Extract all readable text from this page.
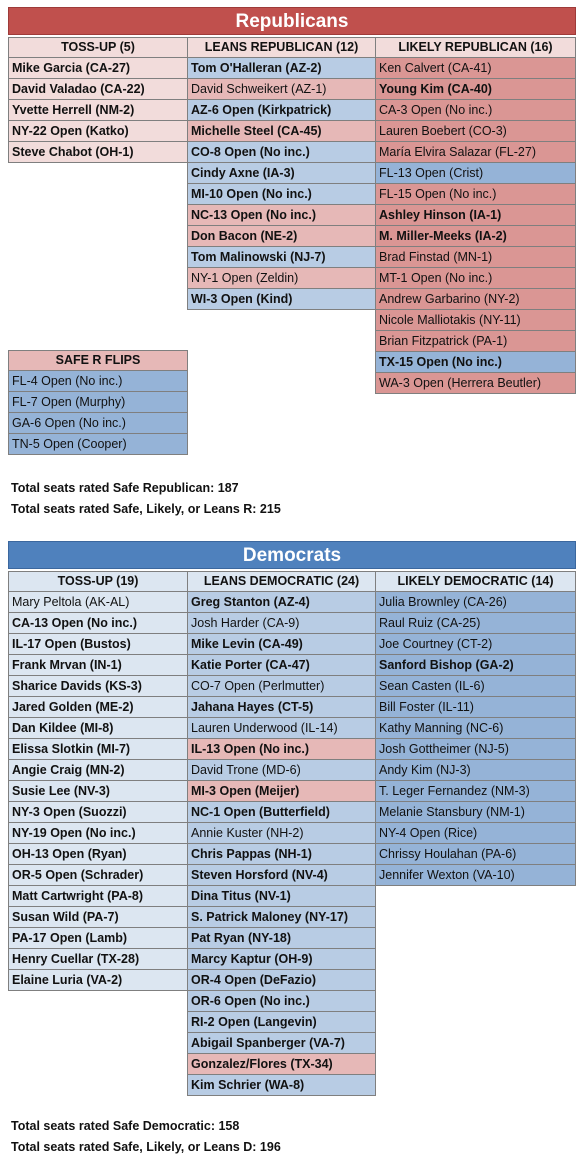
Republicans
TOSS-UP (5)
Mike Garcia (CA-27)
David Valadao (CA-22)
Yvette Herrell (NM-2)
NY-22 Open (Katko)
Steve Chabot (OH-1)
LEANS REPUBLICAN (12)
Tom O'Halleran (AZ-2)
David Schweikert (AZ-1)
AZ-6 Open (Kirkpatrick)
Michelle Steel (CA-45)
CO-8 Open (No inc.)
Cindy Axne (IA-3)
MI-10 Open (No inc.)
NC-13 Open (No inc.)
Don Bacon (NE-2)
Tom Malinowski (NJ-7)
NY-1 Open (Zeldin)
WI-3 Open (Kind)
LIKELY REPUBLICAN (16)
Ken Calvert (CA-41)
Young Kim (CA-40)
CA-3 Open (No inc.)
Lauren Boebert (CO-3)
María Elvira Salazar (FL-27)
FL-13 Open (Crist)
FL-15 Open (No inc.)
Ashley Hinson (IA-1)
M. Miller-Meeks (IA-2)
Brad Finstad (MN-1)
MT-1 Open (No inc.)
Andrew Garbarino (NY-2)
Nicole Malliotakis (NY-11)
Brian Fitzpatrick (PA-1)
TX-15 Open (No inc.)
WA-3 Open (Herrera Beutler)
SAFE R FLIPS
FL-4 Open (No inc.)
FL-7 Open (Murphy)
GA-6 Open (No inc.)
TN-5 Open (Cooper)
Total seats rated Safe Republican: 187
Total seats rated Safe, Likely, or Leans R: 215
Democrats
TOSS-UP (19)
Mary Peltola (AK-AL)
CA-13 Open (No inc.)
IL-17 Open (Bustos)
Frank Mrvan (IN-1)
Sharice Davids (KS-3)
Jared Golden (ME-2)
Dan Kildee (MI-8)
Elissa Slotkin (MI-7)
Angie Craig (MN-2)
Susie Lee (NV-3)
NY-3 Open (Suozzi)
NY-19 Open (No inc.)
OH-13 Open (Ryan)
OR-5 Open (Schrader)
Matt Cartwright (PA-8)
Susan Wild (PA-7)
PA-17 Open (Lamb)
Henry Cuellar (TX-28)
Elaine Luria (VA-2)
LEANS DEMOCRATIC (24)
Greg Stanton (AZ-4)
Josh Harder (CA-9)
Mike Levin (CA-49)
Katie Porter (CA-47)
CO-7 Open (Perlmutter)
Jahana Hayes (CT-5)
Lauren Underwood (IL-14)
IL-13 Open (No inc.)
David Trone (MD-6)
MI-3 Open (Meijer)
NC-1 Open (Butterfield)
Annie Kuster (NH-2)
Chris Pappas (NH-1)
Steven Horsford (NV-4)
Dina Titus (NV-1)
S. Patrick Maloney (NY-17)
Pat Ryan (NY-18)
Marcy Kaptur (OH-9)
OR-4 Open (DeFazio)
OR-6 Open (No inc.)
RI-2 Open (Langevin)
Abigail Spanberger (VA-7)
Gonzalez/Flores (TX-34)
Kim Schrier (WA-8)
LIKELY DEMOCRATIC (14)
Julia Brownley (CA-26)
Raul Ruiz (CA-25)
Joe Courtney (CT-2)
Sanford Bishop (GA-2)
Sean Casten (IL-6)
Bill Foster (IL-11)
Kathy Manning (NC-6)
Josh Gottheimer (NJ-5)
Andy Kim (NJ-3)
T. Leger Fernandez (NM-3)
Melanie Stansbury (NM-1)
NY-4 Open (Rice)
Chrissy Houlahan (PA-6)
Jennifer Wexton (VA-10)
Total seats rated Safe Democratic: 158
Total seats rated Safe, Likely, or Leans D: 196
